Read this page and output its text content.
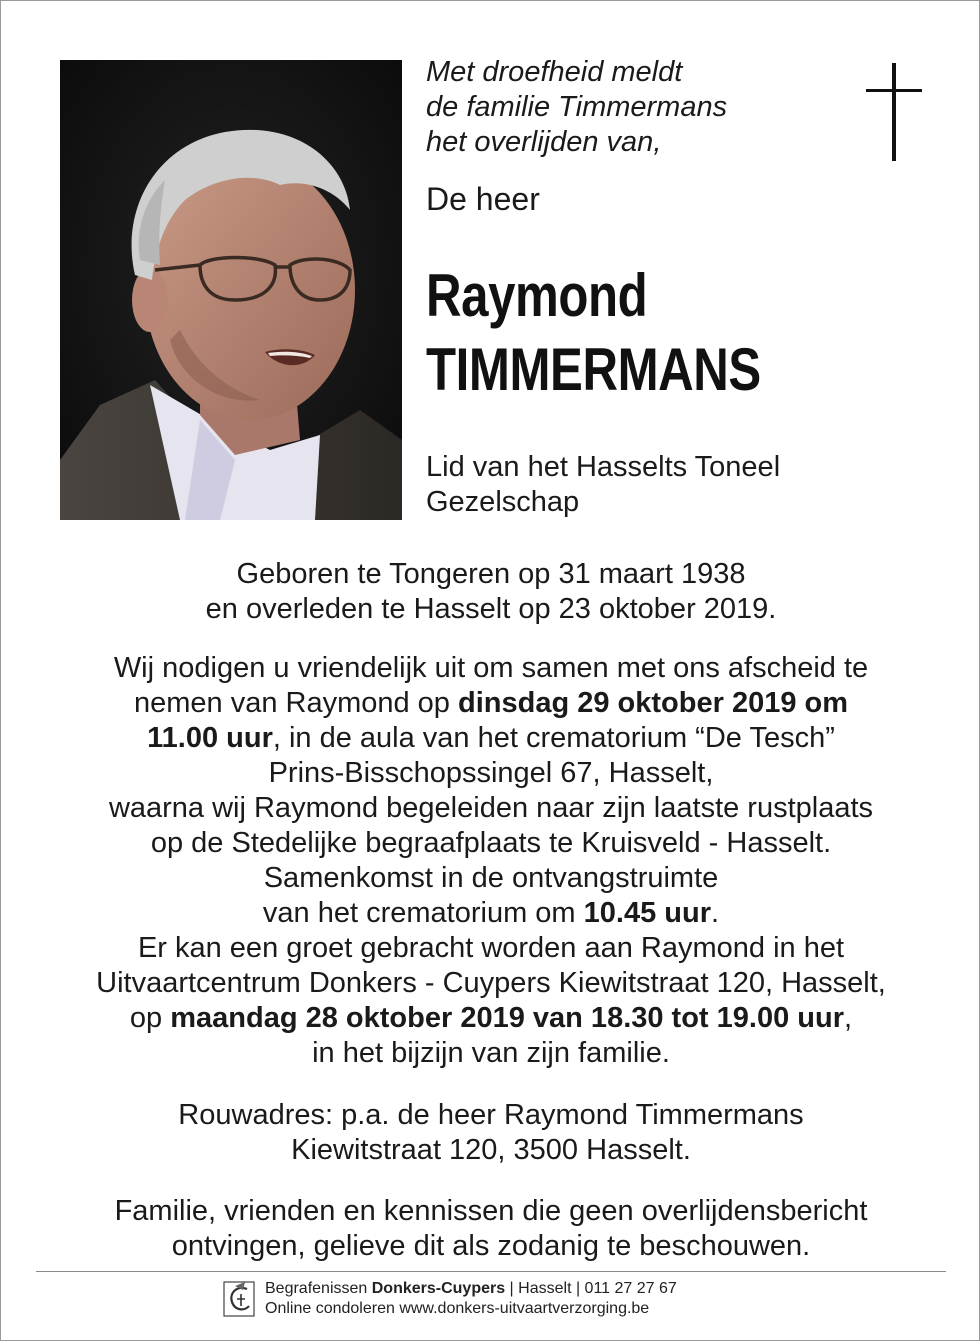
Met droefheid meldt
de familie Timmermans
het overlijden van,
De heer
Raymond
TIMMERMANS
Lid van het Hasselts Toneel
Gezelschap
Geboren te Tongeren op 31 maart 1938
en overleden te Hasselt op 23 oktober 2019.
Wij nodigen u vriendelijk uit om samen met ons afscheid te
nemen van Raymond op dinsdag 29 oktober 2019 om
11.00 uur, in de aula van het crematorium “De Tesch”
Prins-Bisschopssingel 67, Hasselt,
waarna wij Raymond begeleiden naar zijn laatste rustplaats
op de Stedelijke begraafplaats te Kruisveld - Hasselt.
Samenkomst in de ontvangstruimte
van het crematorium om 10.45 uur.
Er kan een groet gebracht worden aan Raymond in het
Uitvaartcentrum Donkers - Cuypers Kiewitstraat 120, Hasselt,
op maandag 28 oktober 2019 van 18.30 tot 19.00 uur,
in het bijzijn van zijn familie.
Rouwadres: p.a. de heer Raymond Timmermans
Kiewitstraat 120, 3500 Hasselt.
Familie, vrienden en kennissen die geen overlijdensbericht
ontvingen, gelieve dit als zodanig te beschouwen.
Begrafenissen Donkers-Cuypers | Hasselt | 011 27 27 67
Online condoleren www.donkers-uitvaartverzorging.be
